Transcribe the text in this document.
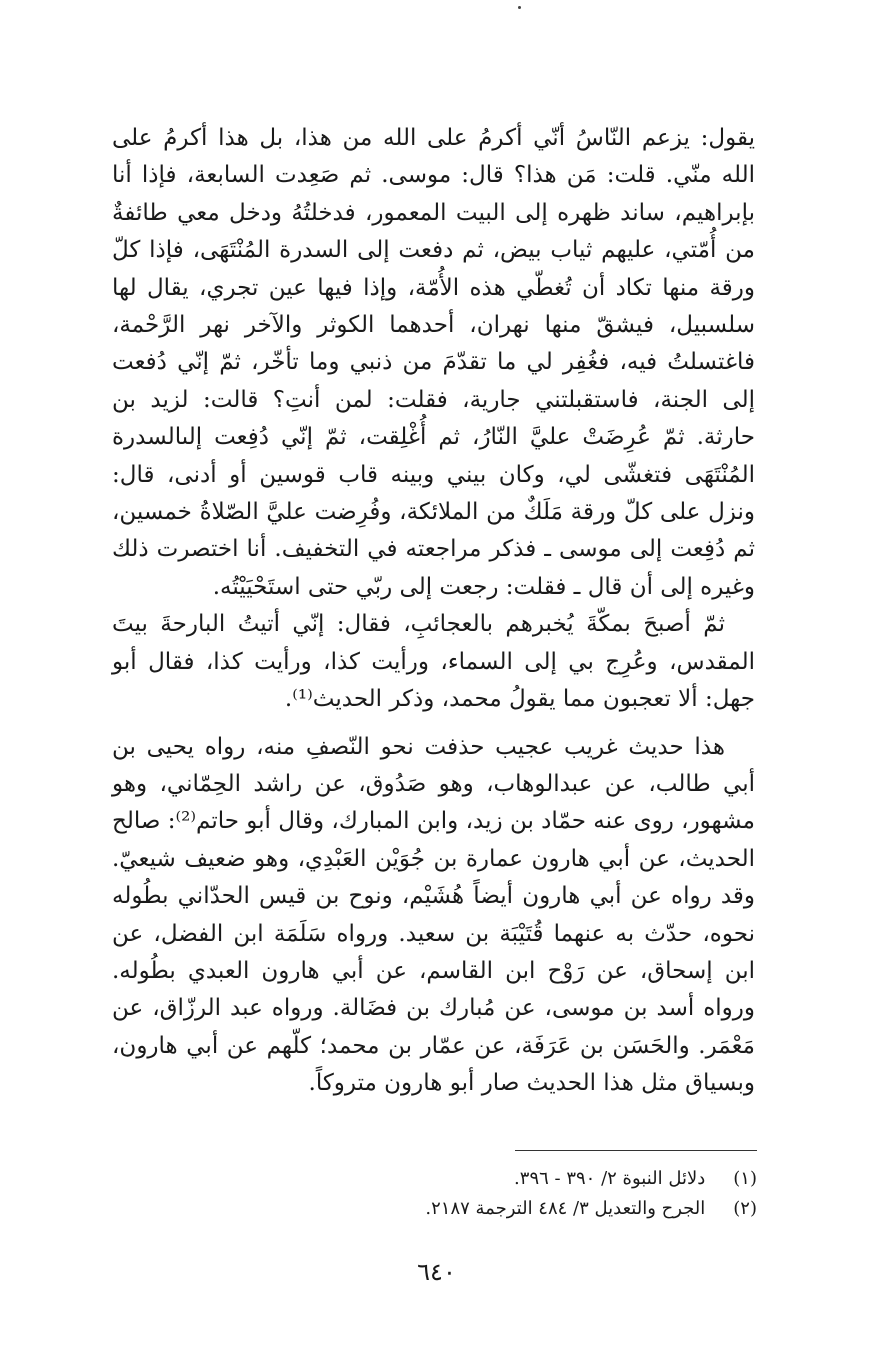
يقول: يزعم النّاسُ أنّي أكرمُ على الله من هذا، بل هذا أكرمُ على الله منّي. قلت: مَن هذا؟ قال: موسى. ثم صَعِدت السابعة، فإذا أنا بإبراهيم، ساند ظهره إلى البيت المعمور، فدخلتُهُ ودخل معي طائفةٌ من أُمّتي، عليهم ثياب بيض، ثم دفعت إلى السدرة المُنْتَهَى، فإذا كلّ ورقة منها تكاد أن تُغطّي هذه الأُمّة، وإذا فيها عين تجري، يقال لها سلسبيل، فيشقّ منها نهران، أحدهما الكوثر والآخر نهر الرَّحْمة، فاغتسلتُ فيه، فغُفِر لي ما تقدّمَ من ذنبي وما تأخّر، ثمّ إنّي دُفعت إلى الجنة، فاستقبلتني جارية، فقلت: لمن أنتِ؟ قالت: لزيد بن حارثة. ثمّ عُرِضَتْ عليَّ النّارُ، ثم أُغْلِقت، ثمّ إنّي دُفِعت إلىالسدرة المُنْتَهَى فتغشّى لي، وكان بيني وبينه قاب قوسين أو أدنى، قال: ونزل على كلّ ورقة مَلَكٌ من الملائكة، وفُرِضت عليَّ الصّلاةُ خمسين، ثم دُفِعت إلى موسى ـ فذكر مراجعته في التخفيف. أنا اختصرت ذلك وغيره إلى أن قال ـ فقلت: رجعت إلى ربّي حتى استَحْيَيْتُه.

ثمّ أصبحَ بمكّةَ يُخبرهم بالعجائبِ، فقال: إنّي أتيتُ البارحةَ بيتَ المقدس، وعُرِج بي إلى السماء، ورأيت كذا، ورأيت كذا، فقال أبو جهل: ألا تعجبون مما يقولُ محمد، وذكر الحديث⁽¹⁾.

هذا حديث غريب عجيب حذفت نحو النّصفِ منه، رواه يحيى بن أبي طالب، عن عبدالوهاب، وهو صَدُوق، عن راشد الحِمّاني، وهو مشهور، روى عنه حمّاد بن زيد، وابن المبارك، وقال أبو حاتم⁽²⁾: صالح الحديث، عن أبي هارون عمارة بن جُوَيْن العَبْدِي، وهو ضعيف شيعيّ. وقد رواه عن أبي هارون أيضاً هُشَيْم، ونوح بن قيس الحدّاني بطُوله نحوه، حدّث به عنهما قُتَيْبَة بن سعيد. ورواه سَلَمَة ابن الفضل، عن ابن إسحاق، عن رَوْح ابن القاسم، عن أبي هارون العبدي بطُوله. ورواه أسد بن موسى، عن مُبارك بن فضَالة. ورواه عبد الرزّاق، عن مَعْمَر. والحَسَن بن عَرَفَة، عن عمّار بن محمد؛ كلّهم عن أبي هارون، وبسياق مثل هذا الحديث صار أبو هارون متروكاً.

(١) دلائل النبوة ٢/ ٣٩٠ - ٣٩٦.
(٢) الجرح والتعديل ٣/ ٤٨٤ الترجمة ٢١٨٧.
٦٤٠
